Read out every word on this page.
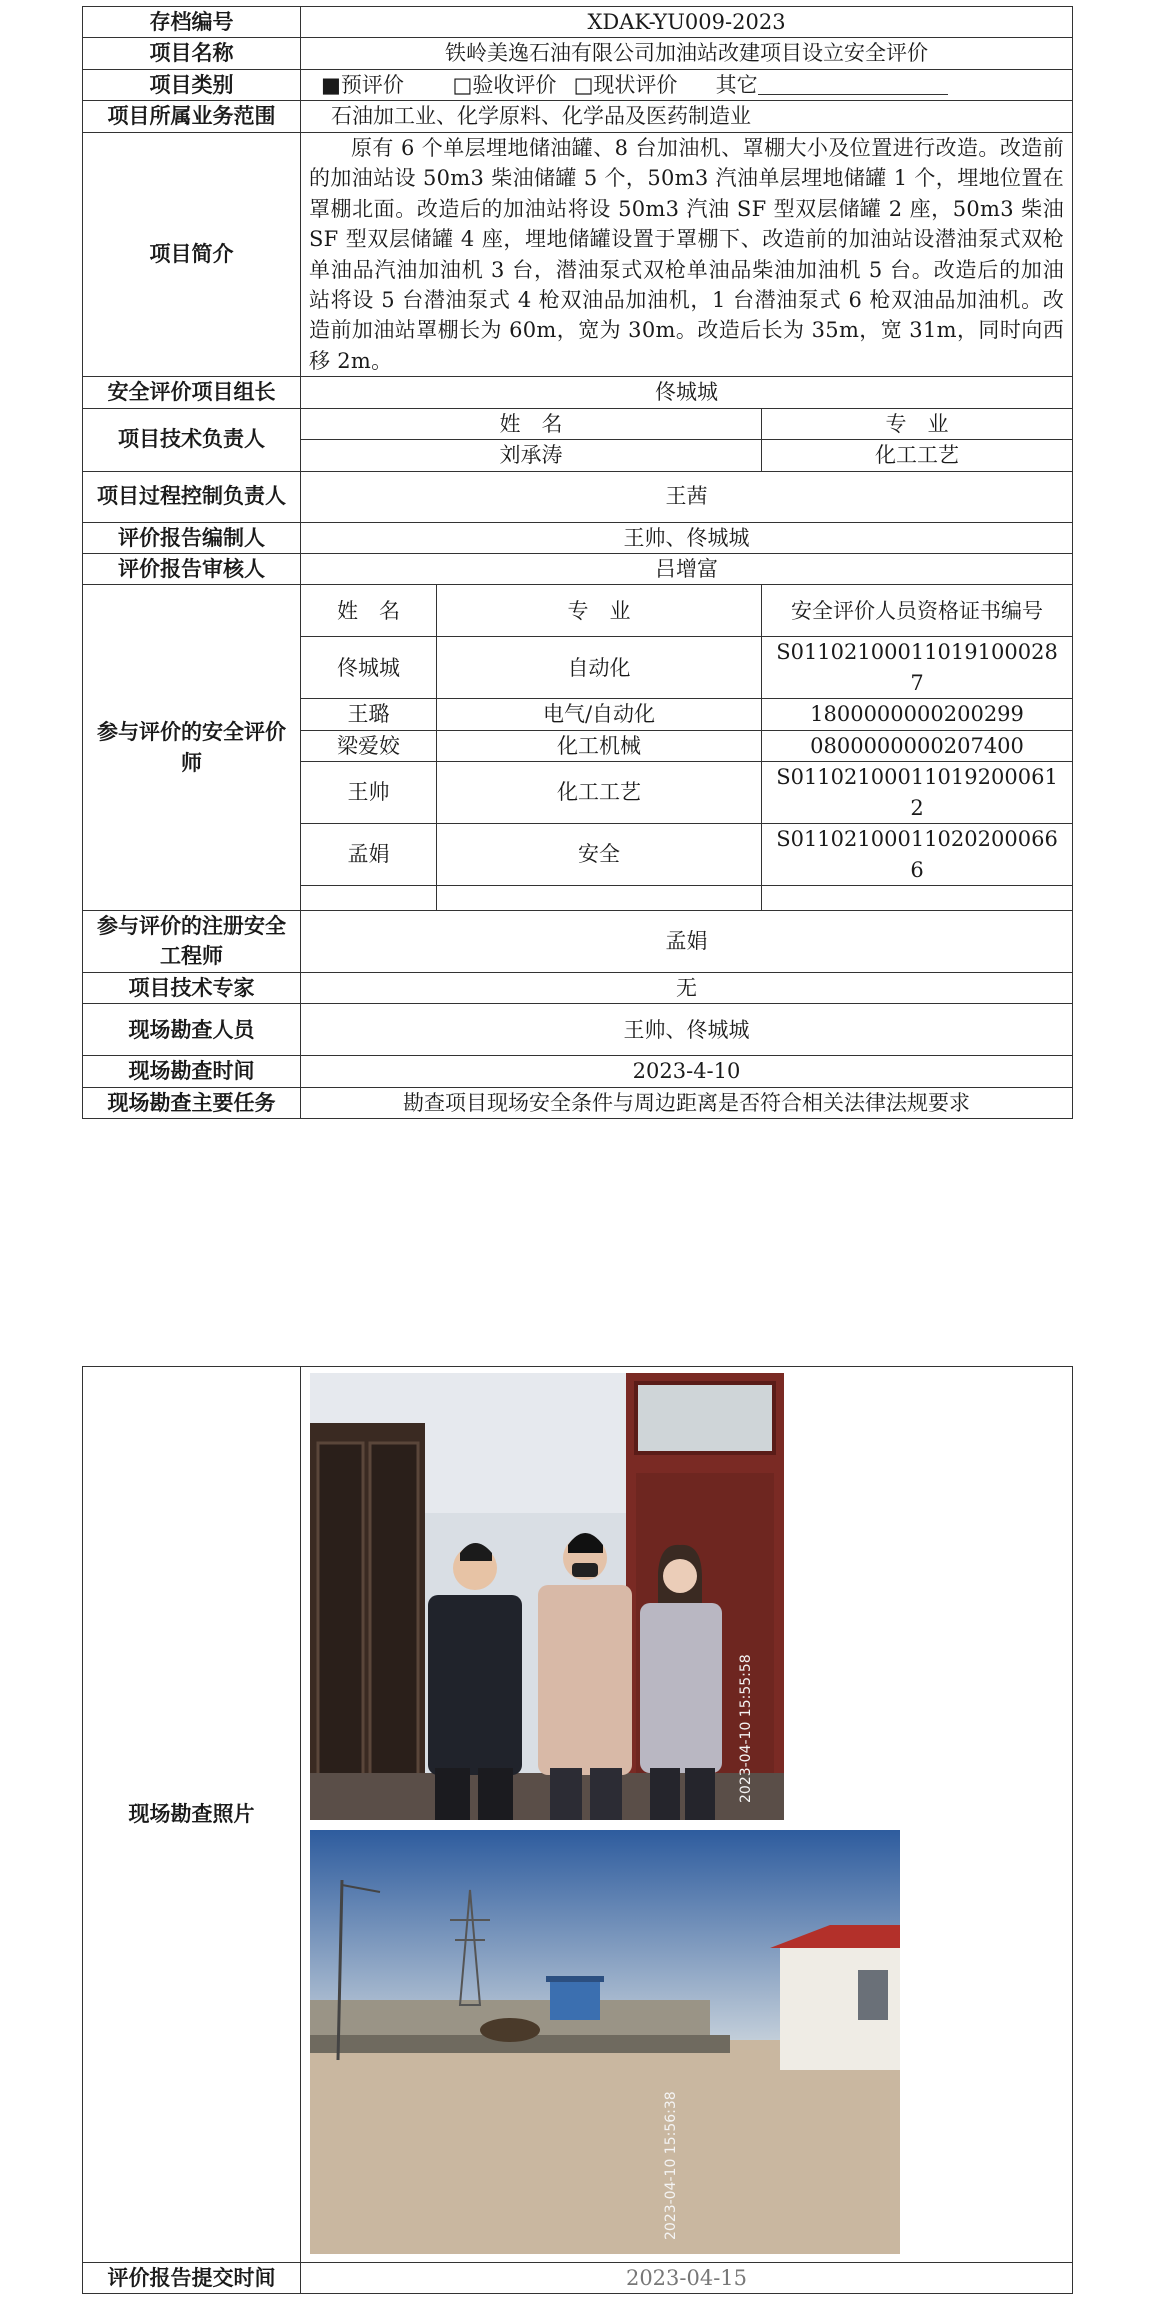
存档编号	XDAK-YU009-2023		
项目名称	铁岭美逸石油有限公司加油站改建项目设立安全评价		
项目类别	■预评价   □验收评价  □现状评价   其它		
项目所属业务范围	石油加工业、化学原料、化学品及医药制造业		
项目简介	原有 6 个单层埋地储油罐、8 台加油机、罩棚大小及位置进行改造。改造前的加油站设 50m3 柴油储罐 5 个，50m3 汽油单层埋地储罐 1 个，埋地位置在罩棚北面。改造后的加油站将设 50m3 汽油 SF 型双层储罐 2 座，50m3 柴油 SF 型双层储罐 4 座，埋地储罐设置于罩棚下、改造前的加油站设潜油泵式双枪单油品汽油加油机 3 台，潜油泵式双枪单油品柴油加油机 5 台。改造后的加油站将设 5 台潜油泵式 4 枪双油品加油机，1 台潜油泵式 6 枪双油品加油机。改造前加油站罩棚长为 60m，宽为 30m。改造后长为 35m，宽 31m，同时向西移 2m。		
安全评价项目组长	佟城城		
项目技术负责人	姓　名		专　业
	刘承涛		化工工艺
项目过程控制负责人	王茜		
评价报告编制人	王帅、佟城城		
评价报告审核人	吕增富		
参与评价的安全评价师	姓　名	专　业	安全评价人员资格证书编号
	佟城城	自动化	S011021000110191000287
	王璐	电气/自动化	1800000000200299
	梁爱姣	化工机械	0800000000207400
	王帅	化工工艺	S011021000110192000612
	孟娟	安全	S011021000110202000666

参与评价的注册安全工程师	孟娟		
项目技术专家	无		
现场勘查人员	王帅、佟城城		
现场勘查时间	2023-4-10		
现场勘查主要任务	勘查项目现场安全条件与周边距离是否符合相关法律法规要求		
现场勘查照片	
评价报告提交时间	2023-04-15
2023-04-10 15:55:58
2023-04-10 15:56:38
